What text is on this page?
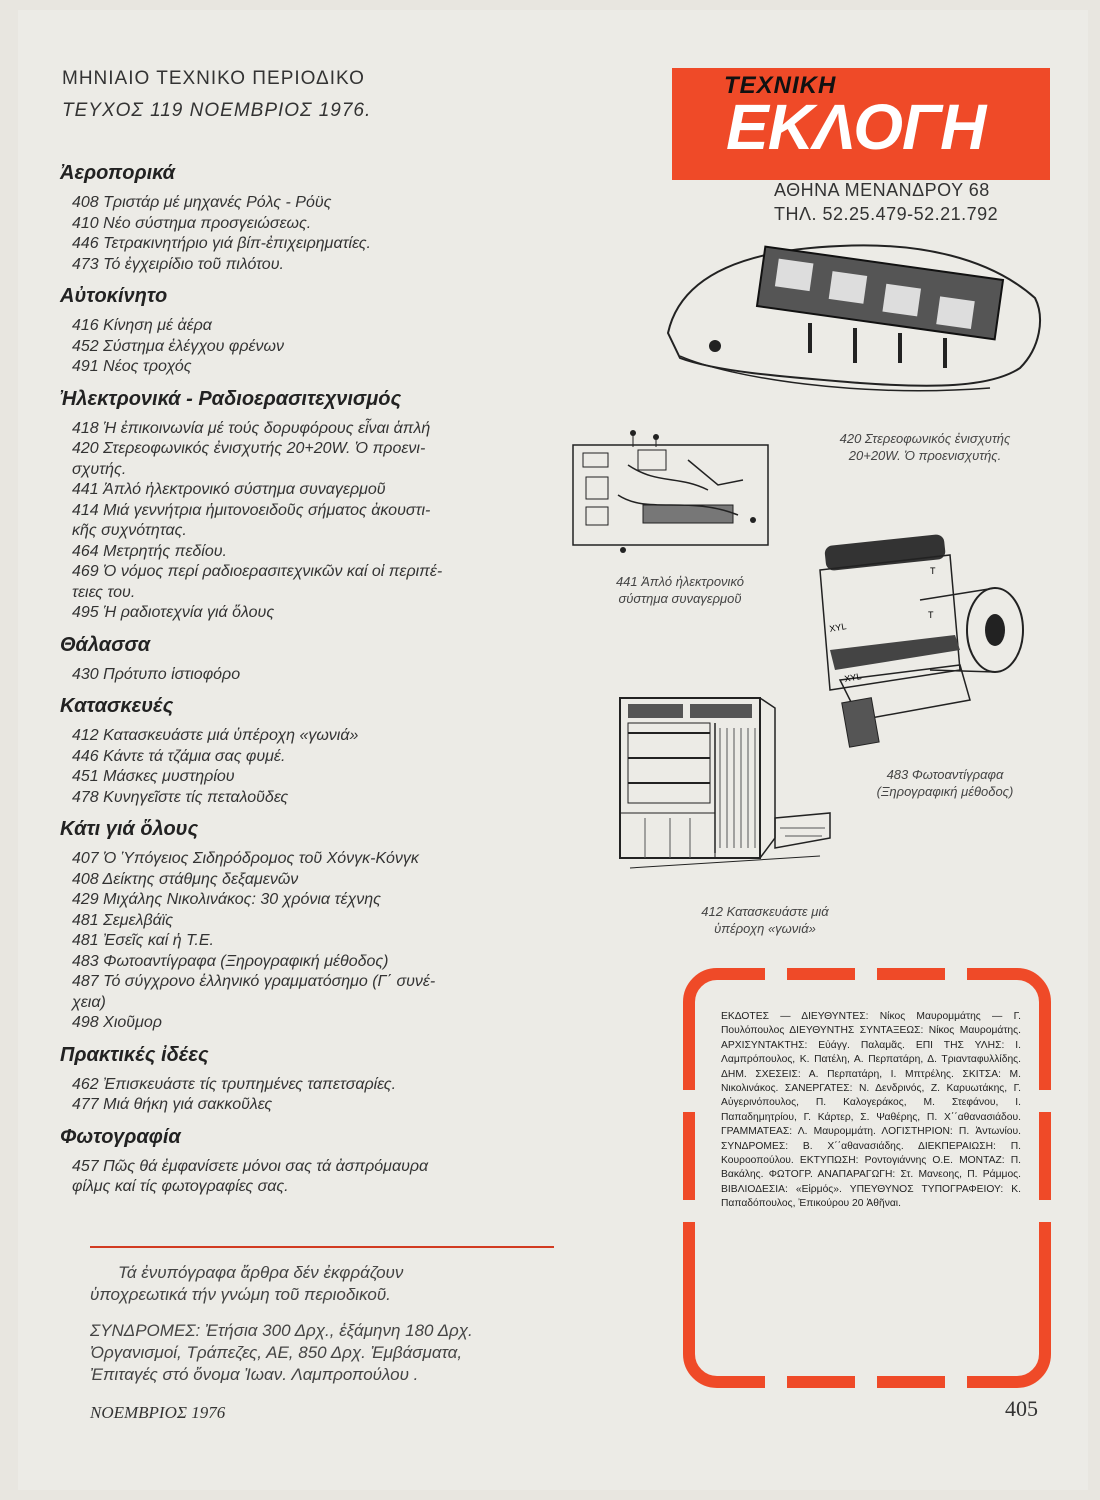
ΜΗΝΙΑΙΟ ΤΕΧΝΙΚΟ ΠΕΡΙΟΔΙΚΟ
ΤΕΥΧΟΣ 119 ΝΟΕΜΒΡΙΟΣ 1976.
ΤΕΧΝΙΚΗ
ΕΚΛΟΓΗ
ΑΘΗΝΑ ΜΕΝΑΝΔΡΟΥ 68
ΤΗΛ. 52.25.479-52.21.792
Ἀεροπορικά
408 Τριστάρ μέ μηχανές Ρόλς - Ρόϋς
410 Νέο σύστημα προσγειώσεως.
446 Τετρακινητήριο γιά βίπ-ἐπιχειρηματίες.
473 Τό ἐγχειρίδιο τοῦ πιλότου.
Αὐτοκίνητο
416 Κίνηση μέ ἀέρα
452 Σύστημα ἐλέγχου φρένων
491 Νέος τροχός
Ἠλεκτρονικά - Ραδιοερασιτεχνισμός
418 Ἡ ἐπικοινωνία μέ τούς δορυφόρους εἶναι ἁπλή
420 Στερεοφωνικός ἐνισχυτής 20+20W. Ὁ προενι-
σχυτής.
441 Ἁπλό ἠλεκτρονικό σύστημα συναγερμοῦ
414 Μιά γεννήτρια ἡμιτονοειδοῦς σήματος ἀκουστι-
κῆς συχνότητας.
464 Μετρητής πεδίου.
469 Ὁ νόμος περί ραδιοερασιτεχνικῶν καί οἱ περιπέ-
τειες του.
495 Ἡ ραδιοτεχνία γιά ὅλους
Θάλασσα
430 Πρότυπο ἱστιοφόρο
Κατασκευές
412 Κατασκευάστε μιά ὑπέροχη «γωνιά»
446 Κάντε τά τζάμια σας φυμέ.
451 Μάσκες μυστηρίου
478 Κυνηγεῖστε τίς πεταλοῦδες
Κάτι γιά ὅλους
407 Ὁ Ὑπόγειος Σιδηρόδρομος τοῦ Χόνγκ-Κόνγκ
408 Δείκτης στάθμης δεξαμενῶν
429 Μιχάλης Νικολινάκος: 30 χρόνια τέχνης
481 Σεμελβάϊς
481 Ἐσεῖς καί ἡ Τ.Ε.
483 Φωτοαντίγραφα (Ξηρογραφική μέθοδος)
487 Τό σύγχρονο ἑλληνικό γραμματόσημο (Γ΄ συνέ-
χεια)
498 Χιοῦμορ
Πρακτικές ἰδέες
462 Ἐπισκευάστε τίς τρυπημένες ταπετσαρίες.
477 Μιά θήκη γιά σακκοῦλες
Φωτογραφία
457 Πῶς θά ἐμφανίσετε μόνοι σας τά ἀσπρόμαυρα
φίλμς καί τίς φωτογραφίες σας.
Τά ἐνυπόγραφα ἄρθρα δέν ἐκφράζουν
ὑποχρεωτικά τήν γνώμη τοῦ περιοδικοῦ.
ΣΥΝΔΡΟΜΕΣ: Ἐτήσια 300 Δρχ., ἑξάμηνη 180 Δρχ.
Ὀργανισμοί, Τράπεζες, ΑΕ, 850 Δρχ. Ἐμβάσματα,
Ἐπιταγές στό ὄνομα Ἰωαν. Λαμπροπούλου .
ΝΟΕΜΒΡΙΟΣ 1976	405
420 Στερεοφωνικός ἐνισχυτής
20+20W. Ὁ προενισχυτής.
441 Ἁπλό ἠλεκτρονικό
σύστημα συναγερμοῦ
XYL
XYL
T
T
483 Φωτοαντίγραφα
(Ξηρογραφική μέθοδος)
412 Κατασκευάστε μιά
ὑπέροχη «γωνιά»
ΕΚΔΟΤΕΣ — ΔΙΕΥΘΥΝΤΕΣ: Νίκος Μαυρομμάτης — Γ. Πουλόπουλος ΔΙΕΥΘΥΝΤΗΣ ΣΥΝΤΑΞΕΩΣ: Νίκος Μαυρομάτης. ΑΡΧΙΣΥΝΤΑΚΤΗΣ: Εὐάγγ. Παλαμᾶς. ΕΠΙ ΤΗΣ ΥΛΗΣ: Ι. Λαμπρόπουλος, Κ. Πατέλη, Α. Περπατάρη, Δ. Τριανταφυλλίδης. ΔΗΜ. ΣΧΕΣΕΙΣ: Α. Περπατάρη, Ι. Μπτρέλης. ΣΚΙΤΣΑ: Μ. Νικολινάκος. ΣΑΝΕΡΓΑΤΕΣ: Ν. Δενδρινός, Ζ. Καρυωτάκης, Γ. Αὐγερινόπουλος, Π. Καλογεράκος, Μ. Στεφάνου, Ι. Παπαδημητρίου, Γ. Κάρτερ, Σ. Ψαθέρης, Π. Χ΄΄αθανασιάδου. ΓΡΑΜΜΑΤΕΑΣ: Λ. Μαυρομμάτη. ΛΟΓΙΣΤΗΡΙΟΝ: Π. Ἀντωνίου. ΣΥΝΔΡΟΜΕΣ: Β. Χ΄΄αθανασιάδης. ΔΙΕΚΠΕΡΑΙΩΣΗ: Π. Κουροοπούλου. ΕΚΤΥΠΩΣΗ: Ροντογιάννης Ο.Ε. ΜΟΝΤΑΖ: Π. Βακάλης. ΦΩΤΟΓΡ. ΑΝΑΠΑΡΑΓΩΓΗ: Στ. Μανεοης, Π. Ράμμος. ΒΙΒΛΙΟΔΕΣΙΑ: «Εἱρμός». ΥΠΕΥΘΥΝΟΣ ΤΥΠΟΓΡΑΦΕΙΟΥ: Κ. Παπαδόπουλος, Ἐπικούρου 20 Ἀθῆναι.
